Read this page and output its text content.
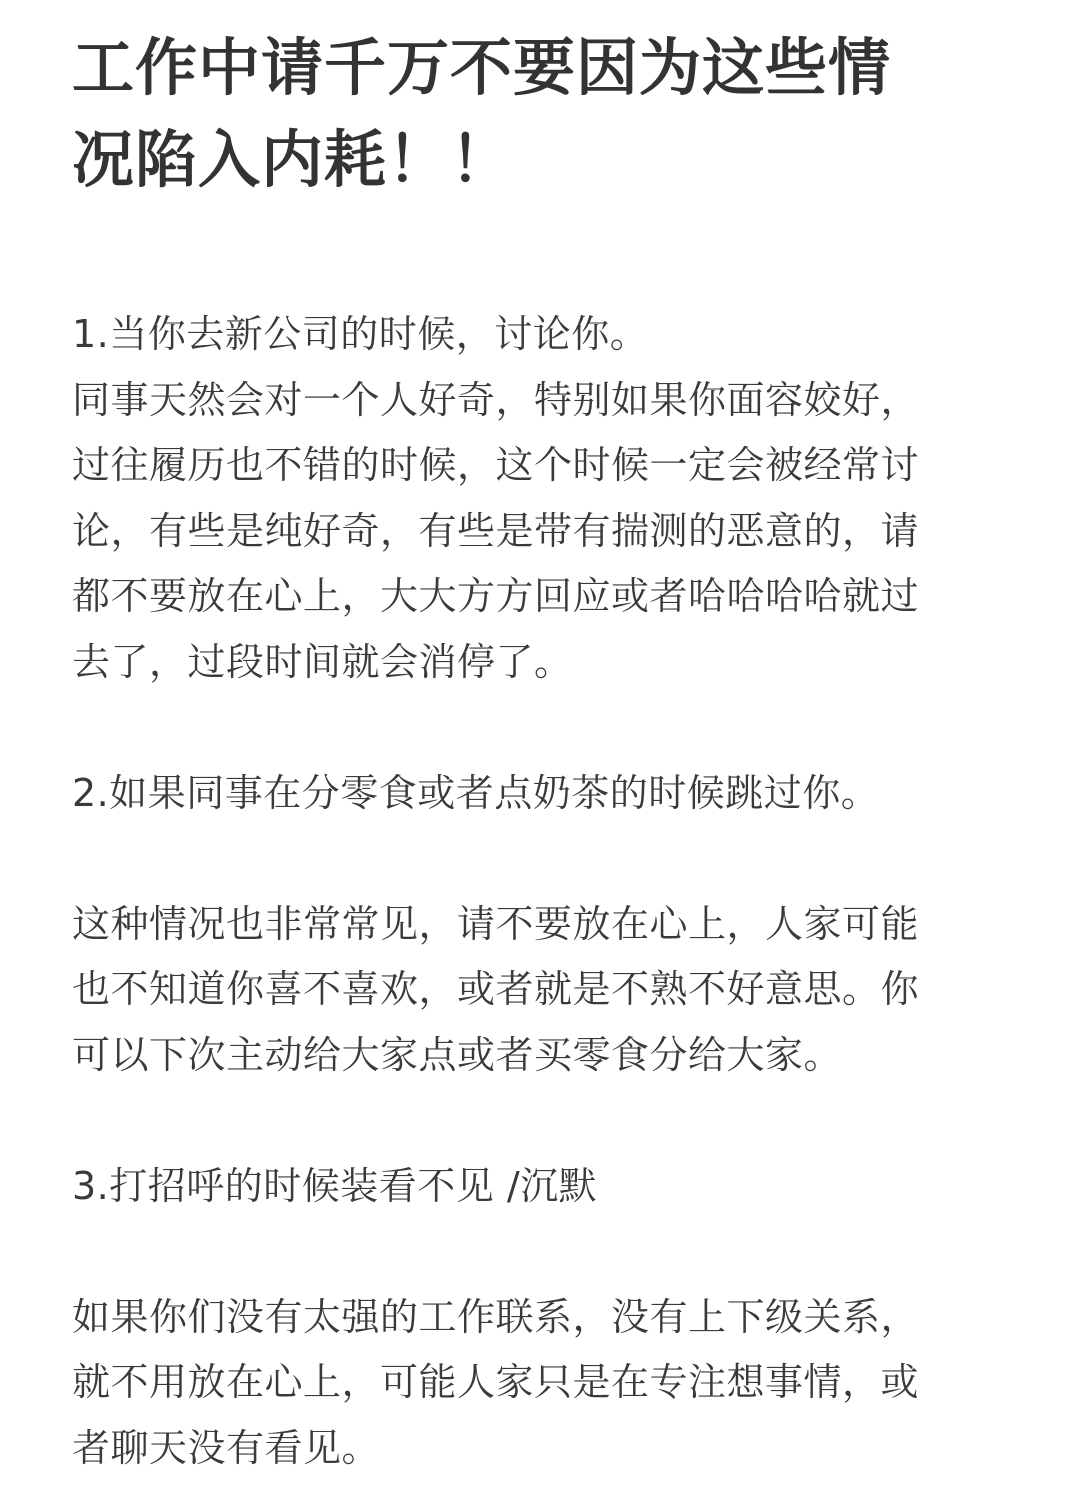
工作中请千万不要因为这些情
况陷入内耗！！
1.当你去新公司的时候，讨论你。
同事天然会对一个人好奇，特别如果你面容姣好，
过往履历也不错的时候，这个时候一定会被经常讨
论，有些是纯好奇，有些是带有揣测的恶意的，请
都不要放在心上，大大方方回应或者哈哈哈哈就过
去了，过段时间就会消停了。
2.如果同事在分零食或者点奶茶的时候跳过你。
这种情况也非常常见，请不要放在心上，人家可能
也不知道你喜不喜欢，或者就是不熟不好意思。你
可以下次主动给大家点或者买零食分给大家。
3.打招呼的时候装看不见 /沉默
如果你们没有太强的工作联系，没有上下级关系，
就不用放在心上，可能人家只是在专注想事情，或
者聊天没有看见。
